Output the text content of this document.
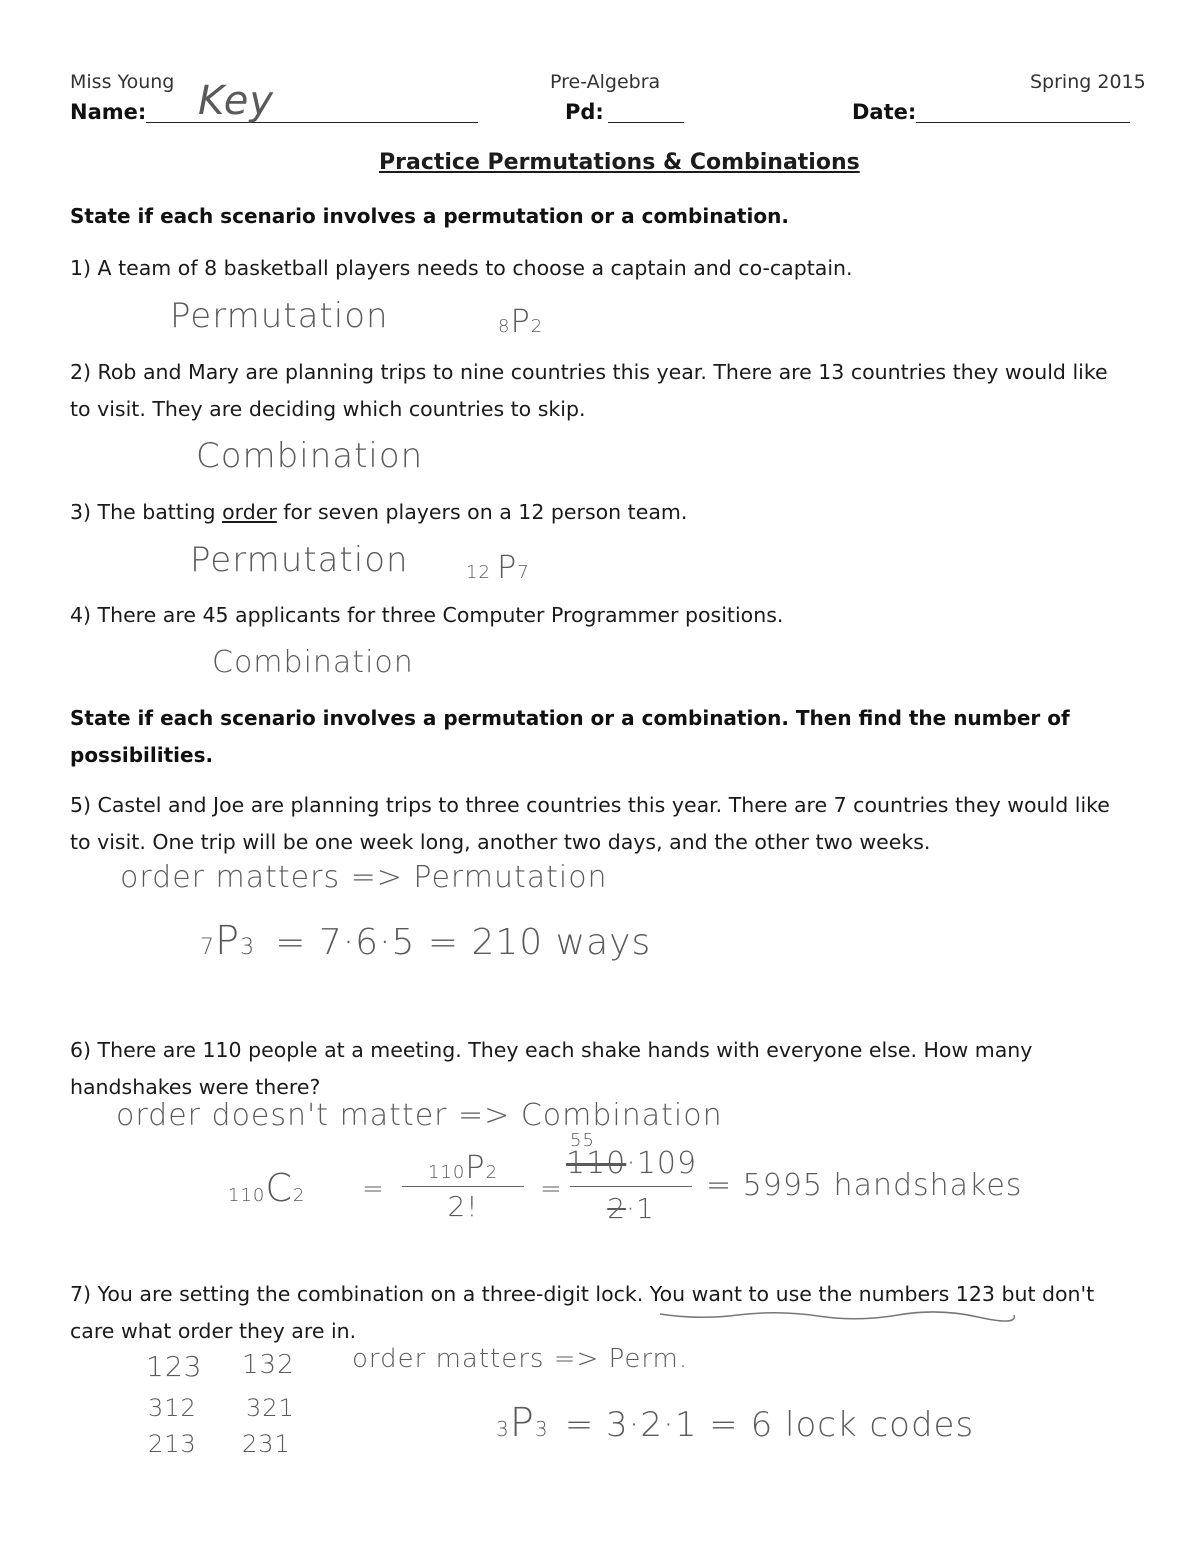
Miss Young
Name: Key	Pre-Algebra
Pd:
Spring 2015
Date:
Practice Permutations & Combinations
State if each scenario involves a permutation or a combination.
1) A team of 8 basketball players needs to choose a captain and co-captain.
Permutation	8P2
2) Rob and Mary are planning trips to nine countries this year. There are 13 countries they would like
to visit. They are deciding which countries to skip.
Combination
3) The batting order for seven players on a 12 person team.
Permutation	12 P7
4) There are 45 applicants for three Computer Programmer positions.
Combination
State if each scenario involves a permutation or a combination. Then find the number of
possibilities.
5) Castel and Joe are planning trips to three countries this year. There are 7 countries they would like
to visit. One trip will be one week long, another two days, and the other two weeks.
order matters => Permutation
7P3 = 7·6·5 = 210 ways
6) There are 110 people at a meeting. They each shake hands with everyone else. How many
handshakes were there?
order doesn't matter => Combination
110C2 =
110P2
2!
=
55
110·109
2·1
= 5995 handshakes
7) You are setting the combination on a three-digit lock. You want to use the numbers 123 but don't
care what order they are in.
order matters => Perm.
123 132
312 321
213 231
3P3 = 3·2·1 = 6 lock codes
